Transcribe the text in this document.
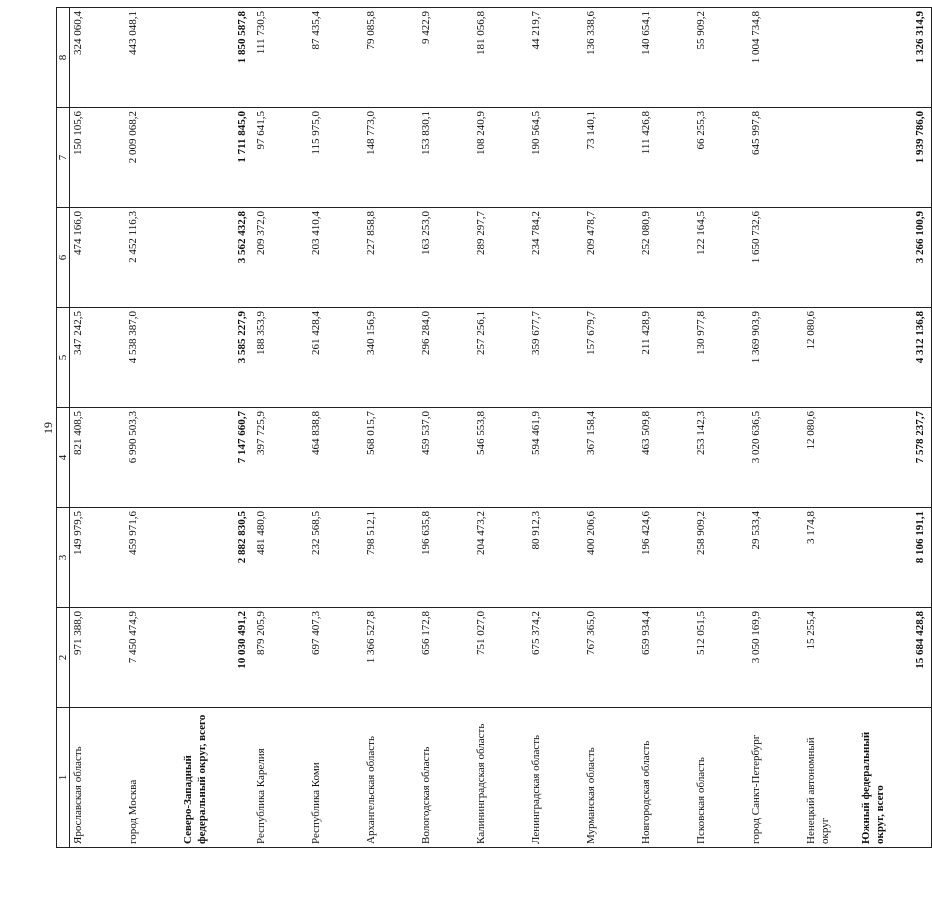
19
1	2	3	4	5	6	7	8
Ярославская область	971 388,0	149 979,5	821 408,5	347 242,5	474 166,0	150 105,6	324 060,4
город Москва	7 450 474,9	459 971,6	6 990 503,3	4 538 387,0	2 452 116,3	2 009 068,2	443 048,1
Северо-Западный федеральный округ, всего	10 030 491,2	2 882 830,5	7 147 660,7	3 585 227,9	3 562 432,8	1 711 845,0	1 850 587,8
Республика Карелия	879 205,9	481 480,0	397 725,9	188 353,9	209 372,0	97 641,5	111 730,5
Республика Коми	697 407,3	232 568,5	464 838,8	261 428,4	203 410,4	115 975,0	87 435,4
Архангельская область	1 366 527,8	798 512,1	568 015,7	340 156,9	227 858,8	148 773,0	79 085,8
Вологодская область	656 172,8	196 635,8	459 537,0	296 284,0	163 253,0	153 830,1	9 422,9
Калининградская область	751 027,0	204 473,2	546 553,8	257 256,1	289 297,7	108 240,9	181 056,8
Ленинградская область	675 374,2	80 912,3	594 461,9	359 677,7	234 784,2	190 564,5	44 219,7
Мурманская область	767 365,0	400 206,6	367 158,4	157 679,7	209 478,7	73 140,1	136 338,6
Новгородская область	659 934,4	196 424,6	463 509,8	211 428,9	252 080,9	111 426,8	140 654,1
Псковская область	512 051,5	258 909,2	253 142,3	130 977,8	122 164,5	66 255,3	55 909,2
город Санкт-Петербург	3 050 169,9	29 533,4	3 020 636,5	1 369 903,9	1 650 732,6	645 997,8	1 004 734,8
Ненецкий автономный округ	15 255,4	3 174,8	12 080,6	12 080,6			
Южный федеральный округ, всего	15 684 428,8	8 106 191,1	7 578 237,7	4 312 136,8	3 266 100,9	1 939 786,0	1 326 314,9
